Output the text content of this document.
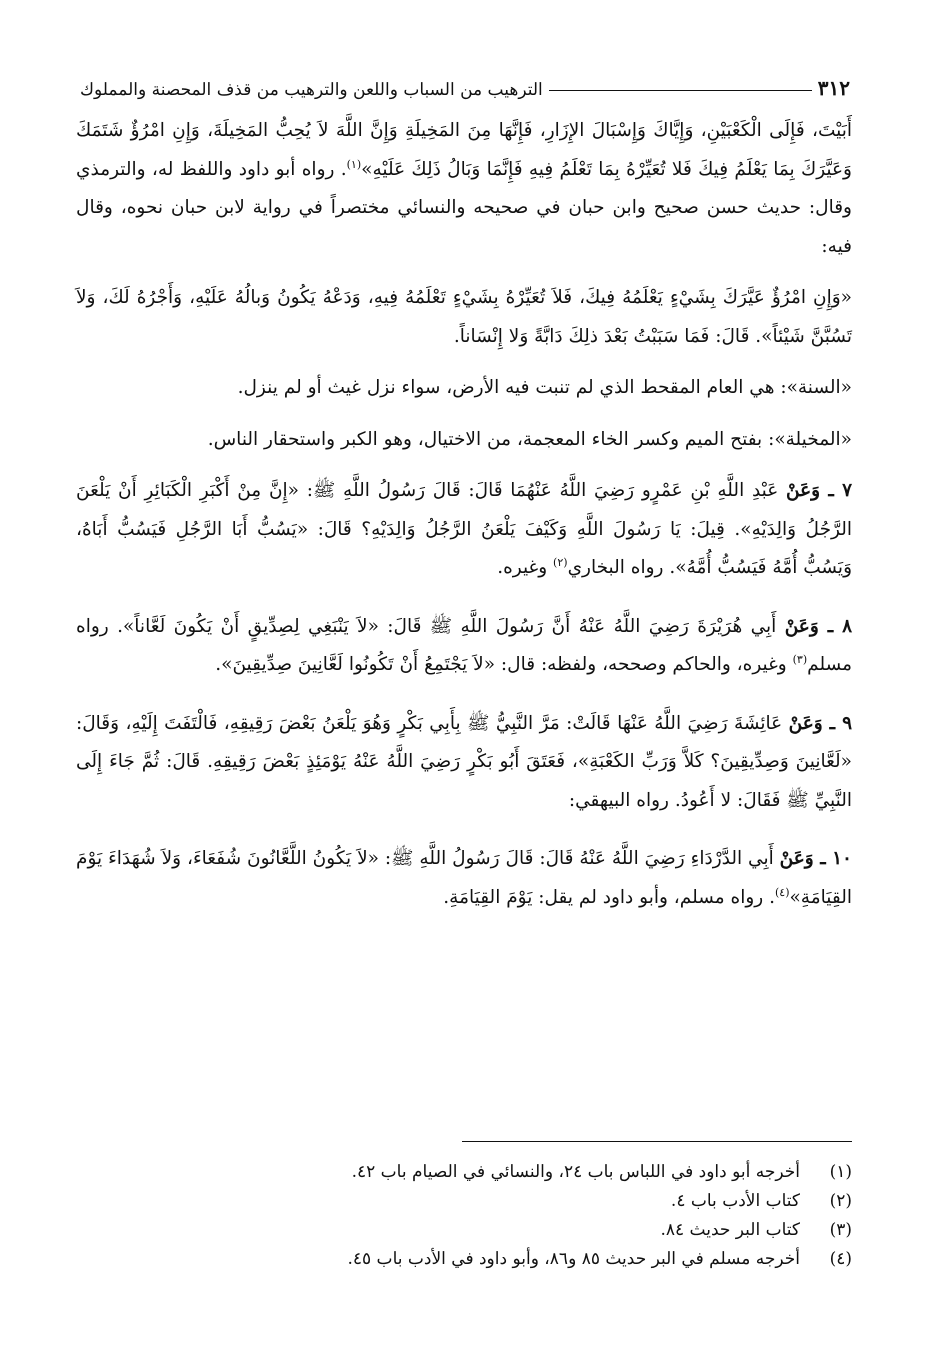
٣١٢
الترهيب من السباب واللعن والترهيب من قذف المحصنة والمملوك

أَبَيْتَ، فَإِلَى الْكَعْبَيْنِ، وَإِيَّاكَ وَإِسْبَالَ الإِزَارِ، فَإِنَّهَا مِنَ المَخِيلَةِ وَإِنَّ اللَّهَ لاَ يُحِبُّ المَخِيلَةَ، وَإِنِ امْرُؤٌ شَتَمَكَ وَعَيَّرَكَ بِمَا يَعْلَمُ فِيكَ فَلا تُعَيِّرْهُ بِمَا تَعْلَمُ فِيهِ فَإِنَّمَا وَبَالُ ذَلِكَ عَلَيْهِ»$^{(١)}$. رواه أبو داود واللفظ له، والترمذي وقال: حديث حسن صحيح وابن حبان في صحيحه والنسائي مختصراً في رواية لابن حبان نحوه، وقال فيه:

«وَإِنِ امْرُؤٌ عَيَّرَكَ بِشَيْءٍ يَعْلَمُهُ فِيكَ، فَلاَ تُعَيِّرْهُ بِشَيْءٍ تَعْلَمُهُ فِيهِ، وَدَعْهُ يَكُونُ وَبالُهُ عَلَيْهِ، وَأَجْرُهُ لَكَ، وَلاَ تَسُبَّنَّ شَيْئاً». قَالَ: فَمَا سَبَبْتُ بَعْدَ ذلِكَ دَابَّةً وَلا إِنْسَاناً.

«السنة»: هي العام المقحط الذي لم تنبت فيه الأرض، سواء نزل غيث أو لم ينزل.

«المخيلة»: بفتح الميم وكسر الخاء المعجمة، من الاختيال، وهو الكبر واستحقار الناس.

٧ ـ وَعَنْ عَبْدِ اللَّهِ بْنِ عَمْرٍو رَضِيَ اللَّهُ عَنْهُمَا قَالَ: قَالَ رَسُولُ اللَّهِ ﷺ: «إِنَّ مِنْ أَكْبَرِ الْكَبَائِرِ أَنْ يَلْعَنَ الرَّجُلُ وَالِدَيْهِ». قِيلَ: يَا رَسُولَ اللَّهِ وَكَيْفَ يَلْعَنُ الرَّجُلُ وَالِدَيْهِ؟ قَالَ: «يَسُبُّ أَبَا الرَّجُلِ فَيَسُبُّ أَبَاهُ، وَيَسُبُّ أُمَّهُ فَيَسُبُّ أُمَّهُ». رواه البخاري$^{(٢)}$ وغيره.

٨ ـ وَعَنْ أَبِي هُرَيْرَةَ رَضِيَ اللَّهُ عَنْهُ أَنَّ رَسُولَ اللَّهِ ﷺ قَالَ: «لاَ يَنْبَغِي لِصِدِّيقٍ أَنْ يَكُونَ لَعَّاناً». رواه مسلم$^{(٣)}$ وغيره، والحاكم وصححه، ولفظه: قال: «لاَ يَجْتَمِعُ أَنْ تَكُونُوا لَعَّانِينَ صِدِّيقِينَ».

٩ ـ وَعَنْ عَائِشَةَ رَضِيَ اللَّهُ عَنْهَا قَالَتْ: مَرَّ النَّبِيُّ ﷺ بِأَبِي بَكْرٍ وَهُوَ يَلْعَنُ بَعْضَ رَقِيقِهِ، فَالْتَفَتَ إِلَيْهِ، وَقَالَ: «لَعَّانِينَ وَصِدِّيقِينَ؟ كَلاَّ وَرَبِّ الكَعْبَةِ»، فَعَتَقَ أَبُو بَكْرٍ رَضِيَ اللَّهُ عَنْهُ يَوْمَئِذٍ بَعْضَ رَقِيقِهِ. قَالَ: ثُمَّ جَاءَ إِلَى النَّبِيِّ ﷺ فَقَالَ: لا أَعُودُ. رواه البيهقي:

١٠ ـ وَعَنْ أَبِي الدَّرْدَاءِ رَضِيَ اللَّهُ عَنْهُ قَالَ: قَالَ رَسُولُ اللَّهِ ﷺ: «لاَ يَكُونُ اللَّعَّانُونَ شُفَعَاءَ، وَلاَ شُهَدَاءَ يَوْمَ القِيَامَةِ»$^{(٤)}$. رواه مسلم، وأبو داود لم يقل: يَوْمَ القِيَامَةِ.

(١)
أخرجه أبو داود في اللباس باب ٢٤، والنسائي في الصيام باب ٤٢.
(٢)
كتاب الأدب باب ٤.
(٣)
كتاب البر حديث ٨٤.
(٤)
أخرجه مسلم في البر حديث ٨٥ و٨٦، وأبو داود في الأدب باب ٤٥.
